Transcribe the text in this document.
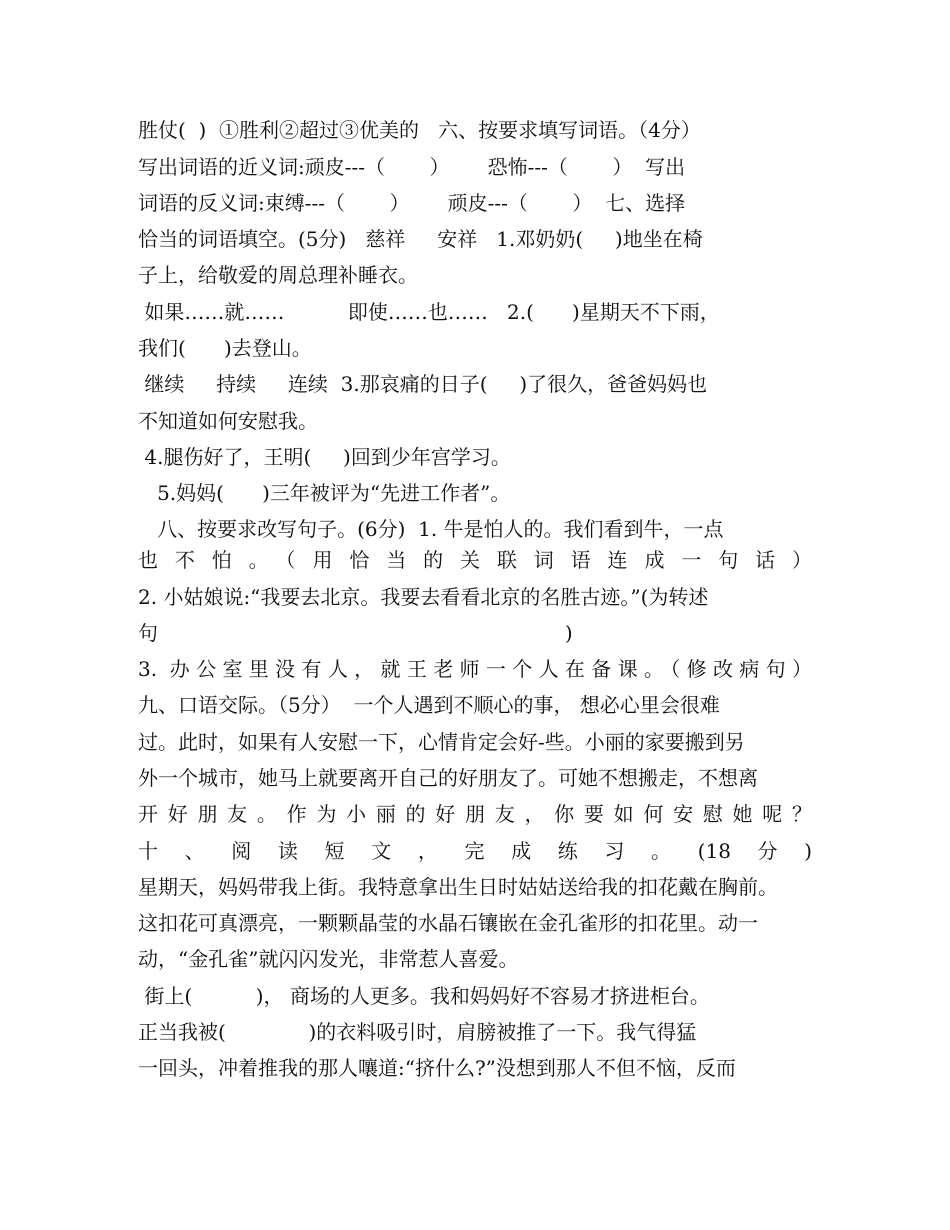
胜仗(  )  ①胜利②超过③优美的   六、按要求填写词语。（4分）

写出词语的近义词:顽皮---（       ）      恐怖---（       ）  写出

词语的反义词:束缚---（       ）      顽皮---（       ）  七、选择

恰当的词语填空。(5分)   慈祥     安祥   1.邓奶奶(     )地坐在椅

子上，给敬爱的周总理补睡衣。

如果……就……          即使……也……   2.(      )星期天不下雨，

我们(      )去登山。

继续     持续     连续  3.那哀痛的日子(     )了很久，爸爸妈妈也

不知道如何安慰我。

4.腿伤好了，王明(     )回到少年宫学习。

5.妈妈(      )三年被评为“先进工作者”。

八、按要求改写句子。(6分)  1. 牛是怕人的。我们看到牛，一点

也不怕。（用恰当的关联词语连成一句话）

2. 小姑娘说:“我要去北京。我要去看看北京的名胜古迹。”(为转述

句                                                                )

3. 办公室里没有人，就王老师一个人在备课。（修改病句）

九、口语交际。（5分）  一个人遇到不顺心的事， 想必心里会很难

过。此时，如果有人安慰一下，心情肯定会好-些。小丽的家要搬到另

外一个城市，她马上就要离开自己的好朋友了。可她不想搬走，不想离

开好朋友。作为小丽的好朋友，你要如何安慰她呢？

十、阅读短文，完成练习。(18分)

星期天，妈妈带我上街。我特意拿出生日时姑姑送给我的扣花戴在胸前。

这扣花可真漂亮，一颗颗晶莹的水晶石镶嵌在金孔雀形的扣花里。动一

动，“金孔雀”就闪闪发光，非常惹人喜爱。

街上(          )， 商场的人更多。我和妈妈好不容易才挤进柜台。

正当我被(             )的衣料吸引时，肩膀被推了一下。我气得猛

一回头，冲着推我的那人嚷道:“挤什么?”没想到那人不但不恼，反而
